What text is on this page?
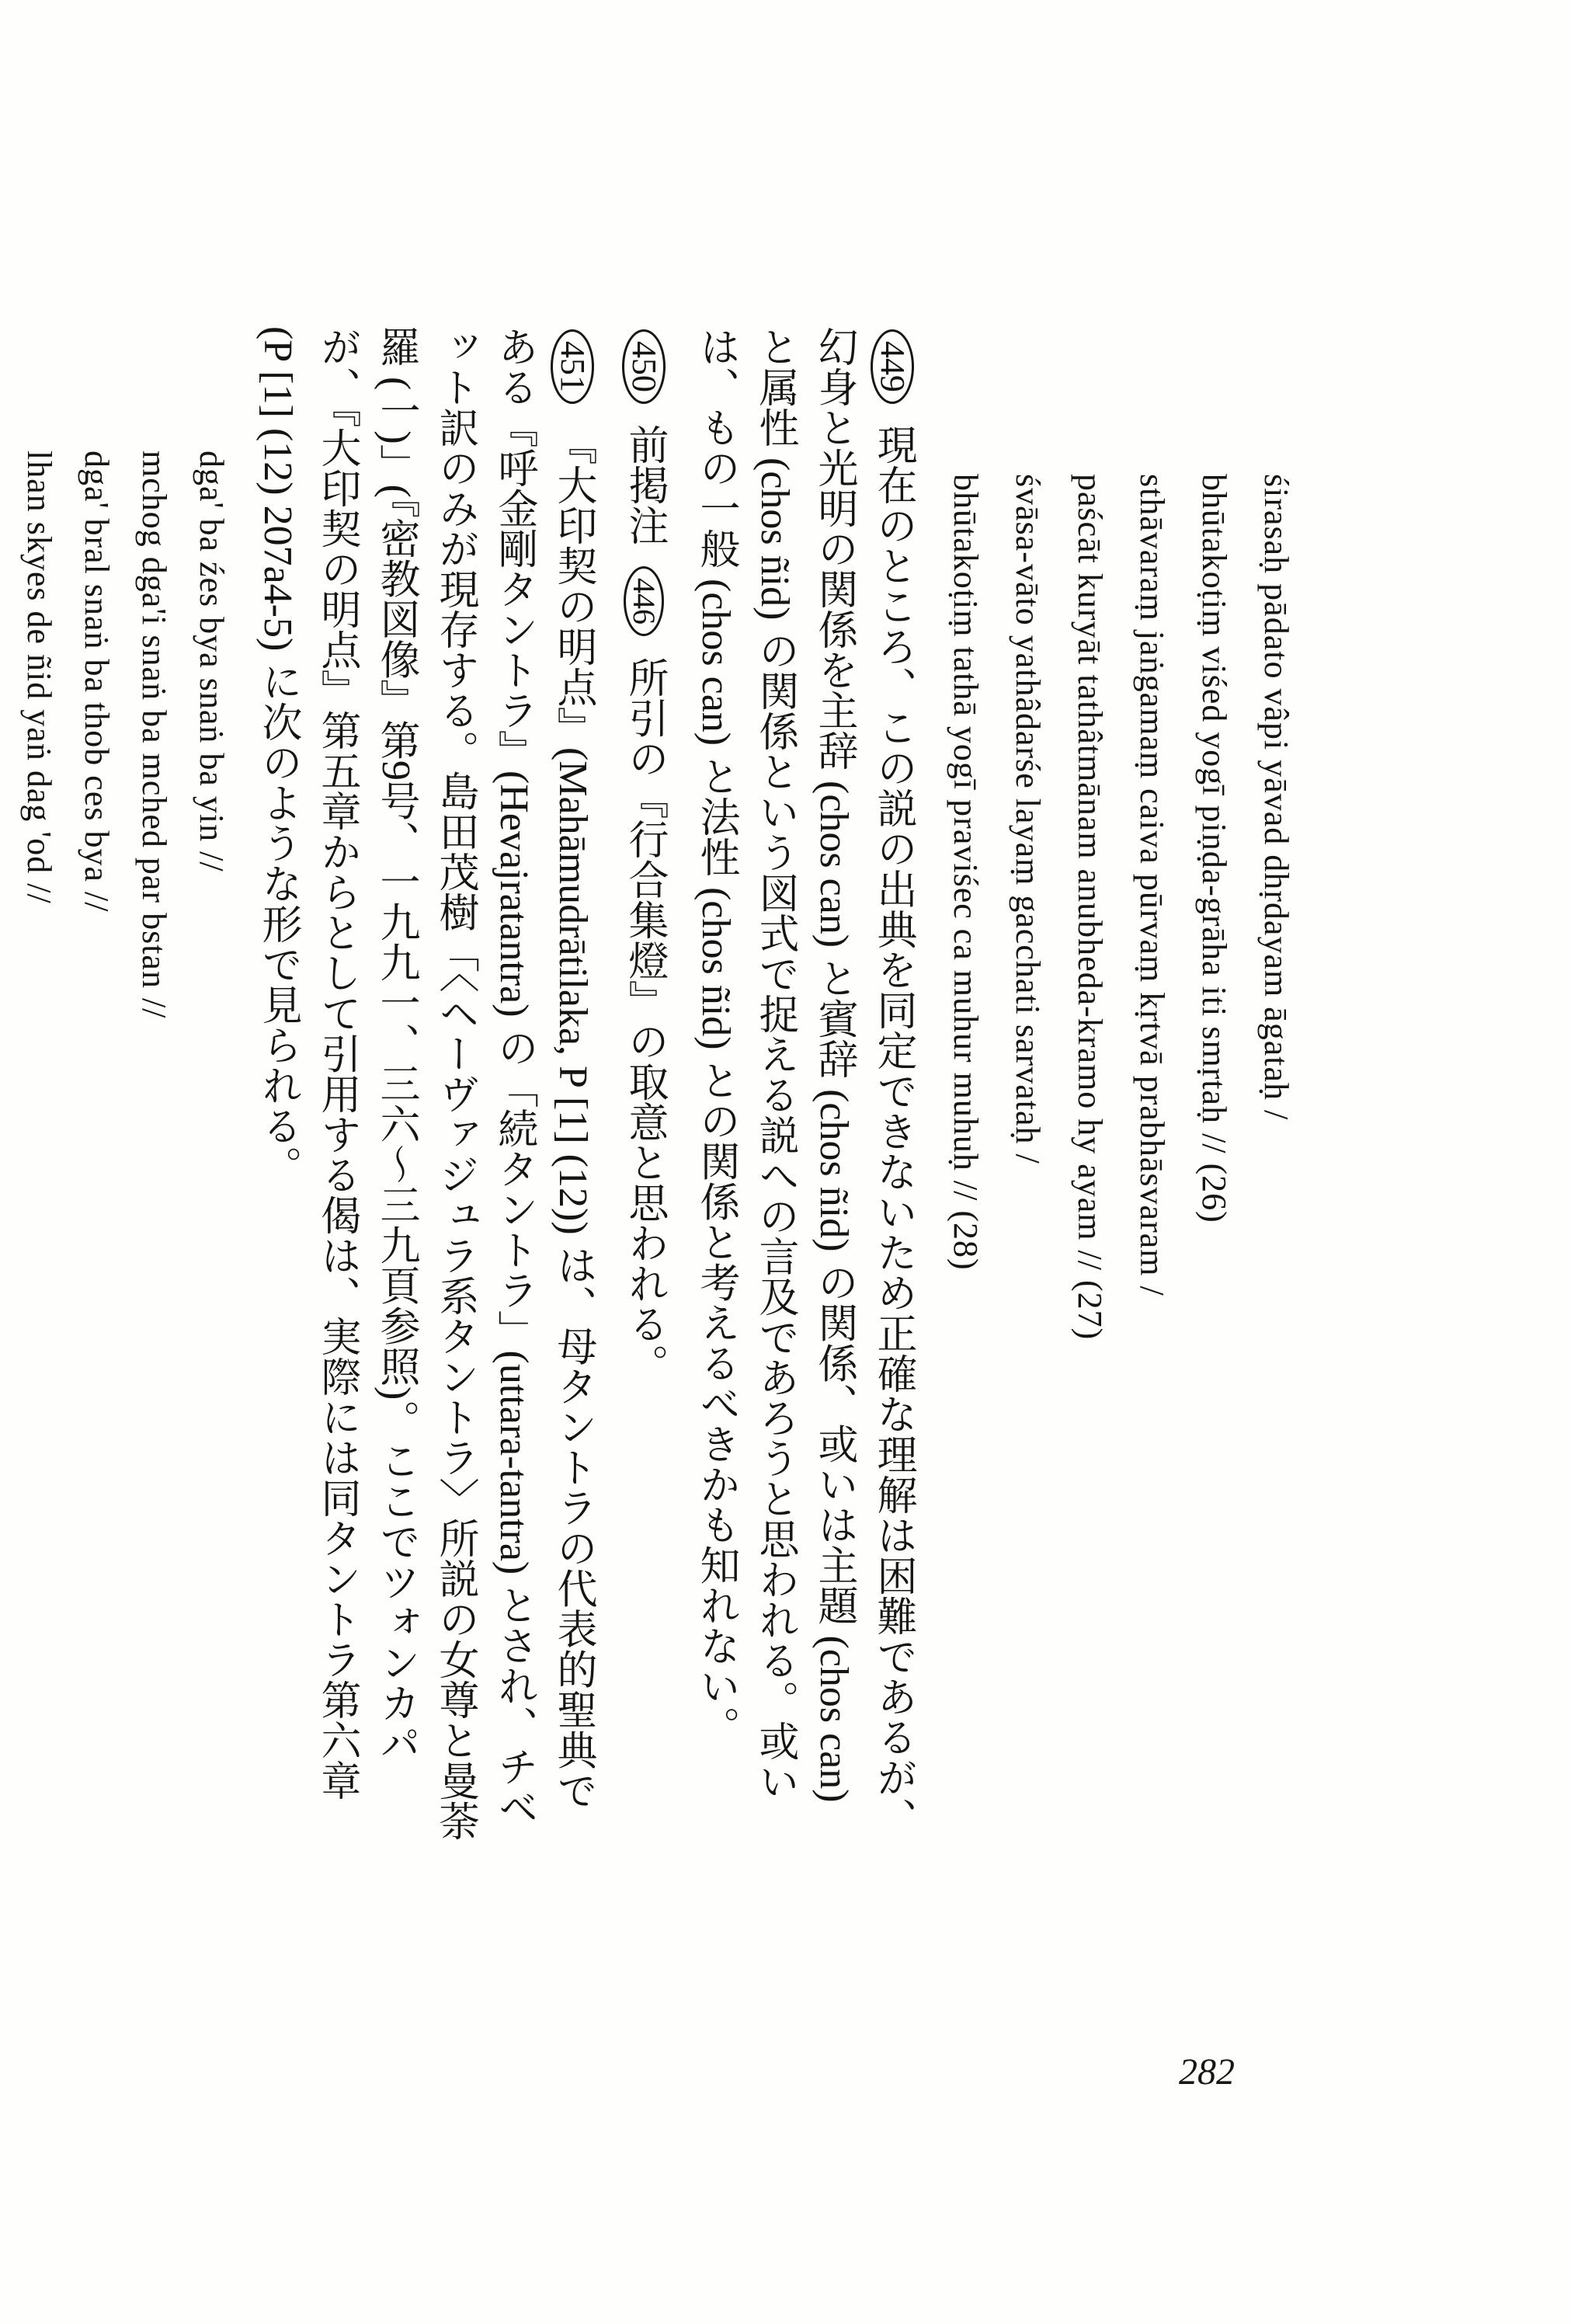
śirasaḥ pādato vâpi yāvad dhṛdayam āgataḥ /
bhūtakoṭiṃ viśed yogī piṇḍa-grāha iti smṛtaḥ // (26)
sthāvaraṃ jaṅgamaṃ caiva pūrvaṃ kṛtvā prabhāsvaram /
paścāt kuryāt tathâtmānam anubheda-kramo hy ayam // (27)
śvāsa-vāto yathâdarśe layaṃ gacchati sarvataḥ /
bhūtakoṭiṃ tathā yogī praviśec ca muhur muhuḥ // (28)
449現在のところ、この説の出典を同定できないため正確な理解は困難であるが、幻身と光明の関係を主辞 (chos can) と賓辞 (chos ñid) の関係、或いは主題 (chos can) と属性 (chos ñid) の関係という図式で捉える説への言及であろうと思われる。或いは、もの一般 (chos can) と法性 (chos ñid) との関係と考えるべきかも知れない。
450前掲注 446 所引の『行合集燈』の取意と思われる。
451『大印契の明点』(Mahāmudrātilaka, P [1] (12)) は、母タントラの代表的聖典である『呼金剛タントラ』(Hevajratantra) の「続タントラ」(uttara-tantra) とされ、チベット訳のみが現存する。島田茂樹「〈ヘーヴァジュラ系タントラ〉所説の女尊と曼荼羅 (一)」(『密教図像』第9号、一九九一、三六〜三九頁参照)。ここでツォンカパが、『大印契の明点』第五章からとして引用する偈は、実際には同タントラ第六章 (P [1] (12) 207a4-5) に次のような形で見られる。
dga' ba źes bya snaṅ ba yin //
mchog dga'i snaṅ ba mched par bstan //
dga' bral snaṅ ba thob ces bya //
lhan skyes de ñid yaṅ dag 'od //
282
